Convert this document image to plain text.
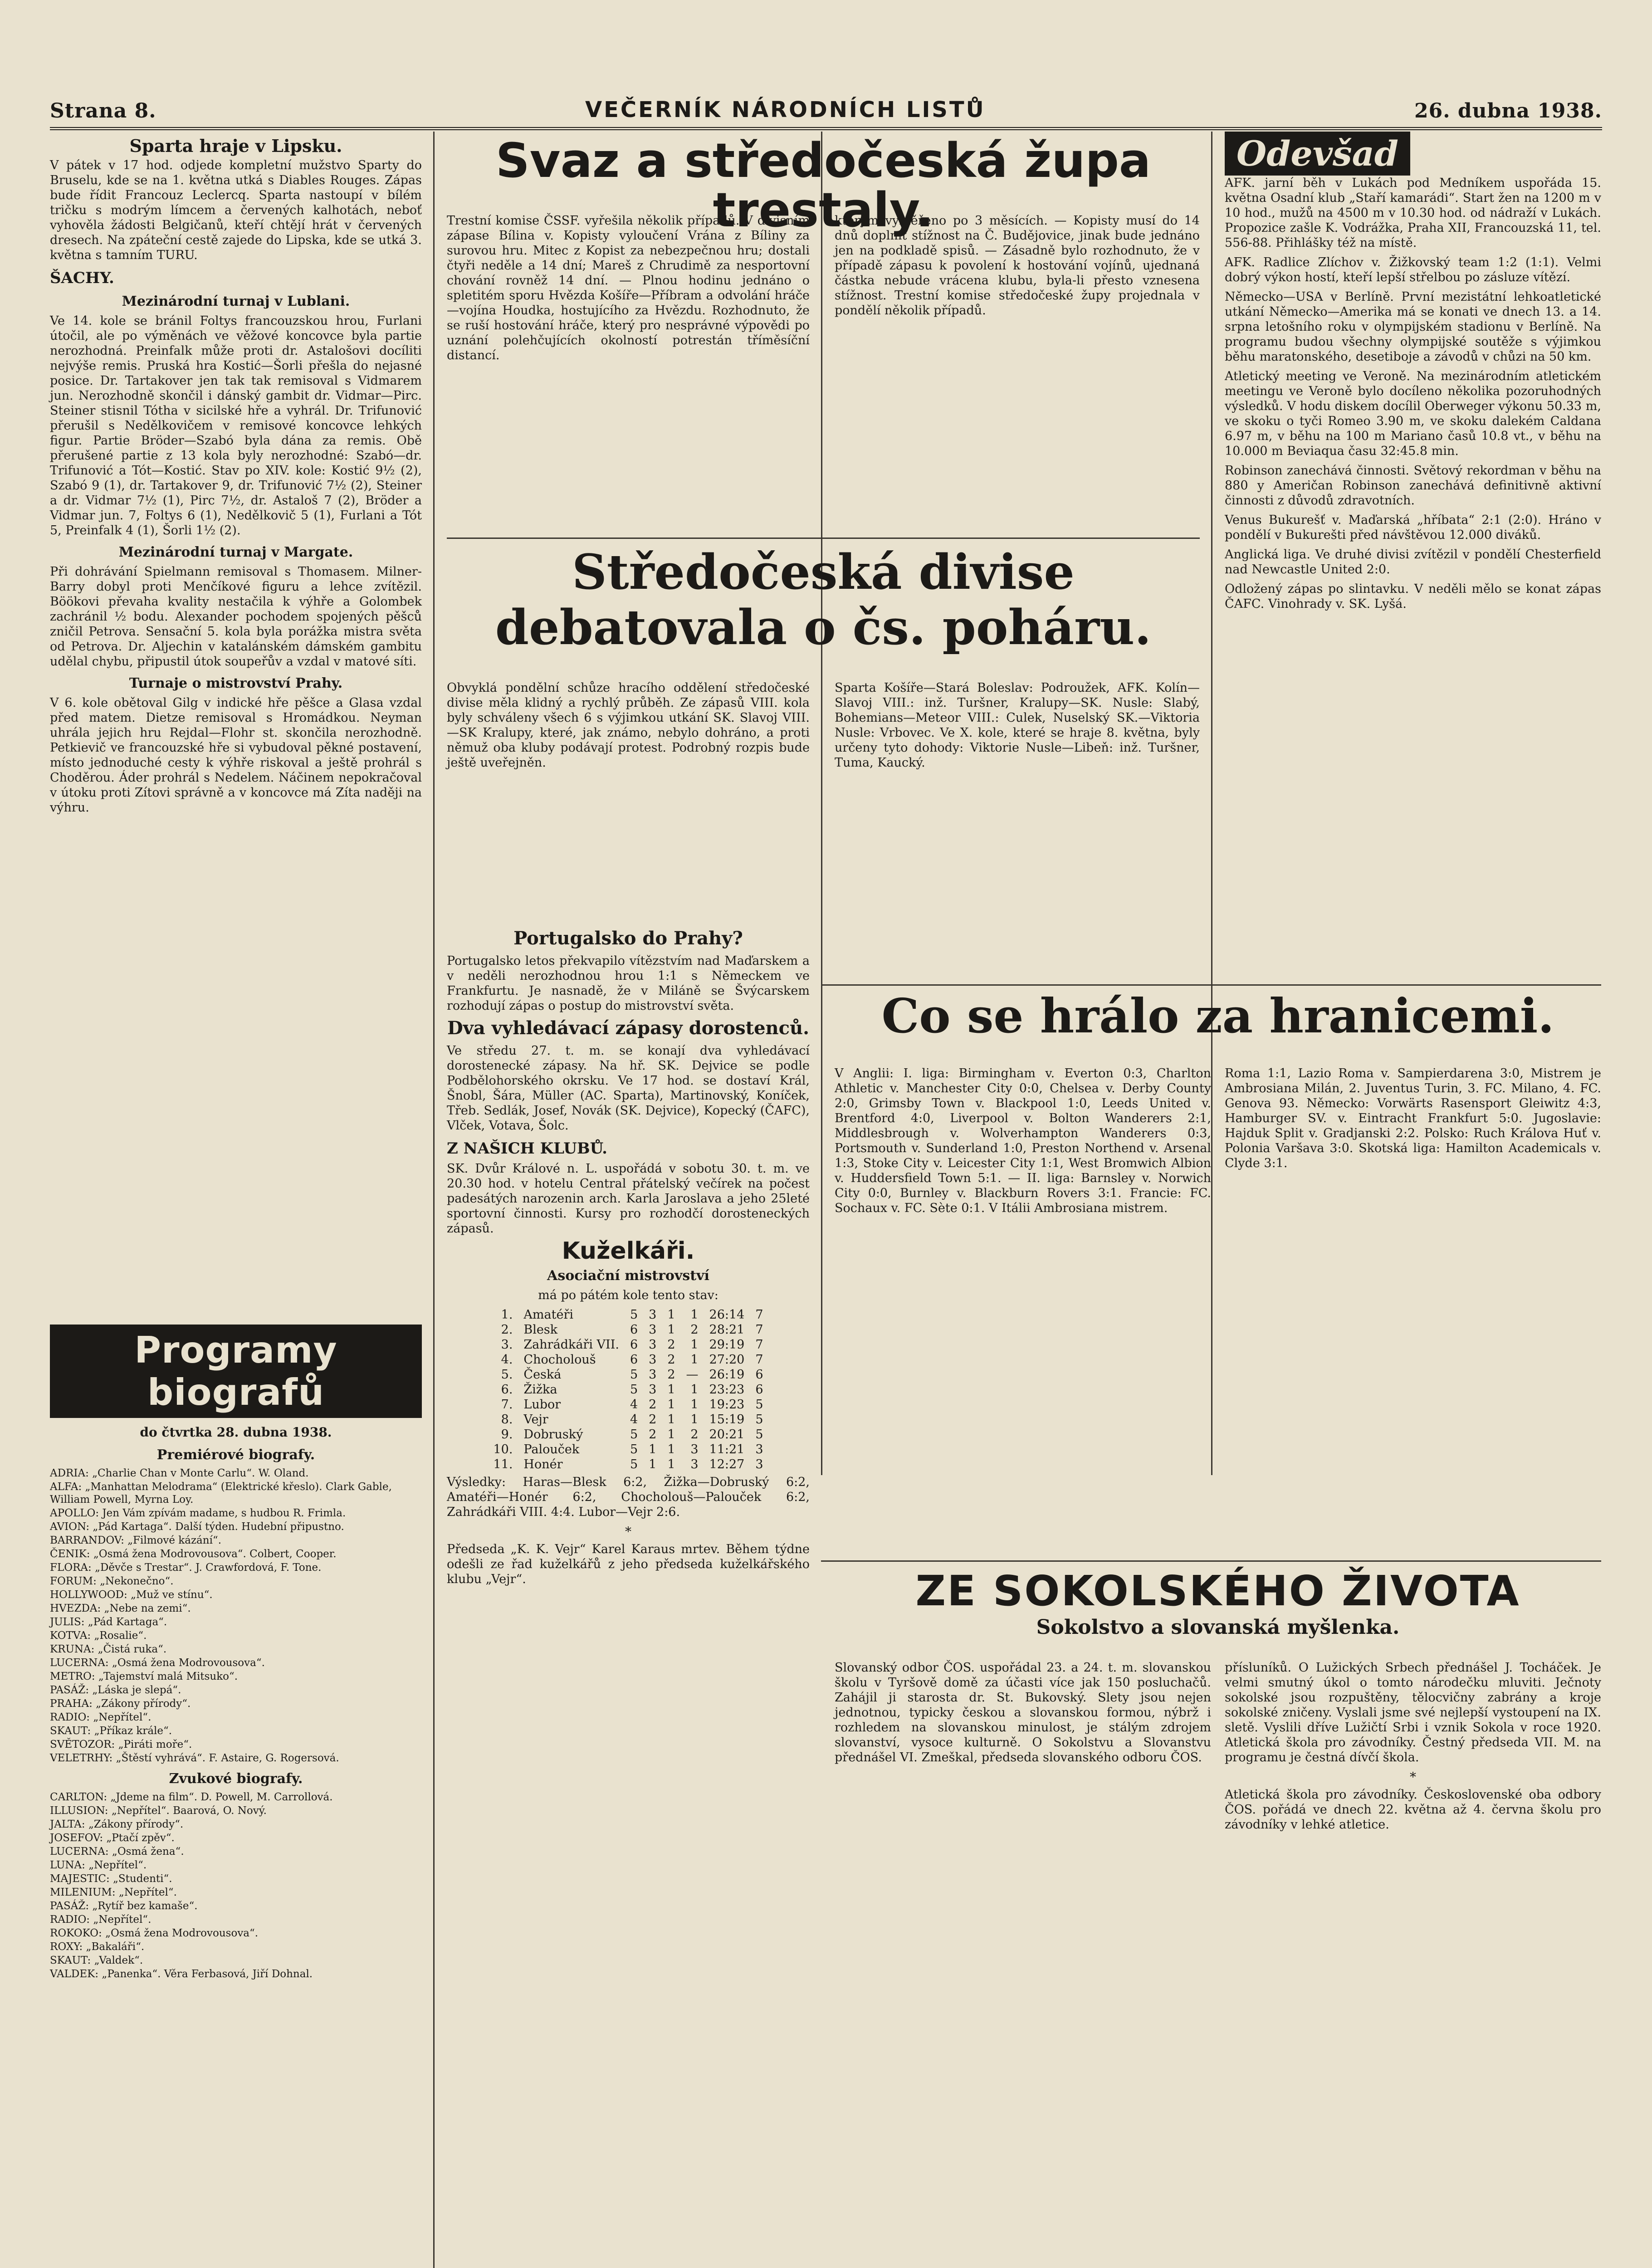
Strana 8.	VEČERNÍK NÁRODNÍCH LISTŮ	26. dubna 1938.
Sparta hraje v Lipsku.

V pátek v 17 hod. odjede kompletní mužstvo Sparty do Bruselu, kde se na 1. května utká s Diables Rouges. Zápas bude řídit Francouz Leclercq. Sparta nastoupí v bílém tričku s modrým límcem a červených kalhotách, neboť vyhověla žádosti Belgičanů, kteří chtějí hrát v červených dresech. Na zpáteční cestě zajede do Lipska, kde se utká 3. května s tamním TURU.

ŠACHY.
Mezinárodní turnaj v Lublani.

Ve 14. kole se bránil Foltys francouzskou hrou, Furlani útočil, ale po výměnách ve věžové koncovce byla partie nerozhodná. Preinfalk může proti dr. Astalošovi docíliti nejvýše remis. Pruská hra Kostić—Šorli přešla do nejasné posice. Dr. Tartakover jen tak tak remisoval s Vidmarem jun. Nerozhodně skončil i dánský gambit dr. Vidmar—Pirc. Steiner stisnil Tótha v sicilské hře a vyhrál. Dr. Trifunović přerušil s Nedělkovičem v remisové koncovce lehkých figur. Partie Bröder—Szabó byla dána za remis. Obě přerušené partie z 13 kola byly nerozhodné: Szabó—dr. Trifunović a Tót—Kostić. Stav po XIV. kole: Kostić 9½ (2), Szabó 9 (1), dr. Tartakover 9, dr. Trifunović 7½ (2), Steiner a dr. Vidmar 7½ (1), Pirc 7½, dr. Astaloš 7 (2), Bröder a Vidmar jun. 7, Foltys 6 (1), Nedělkovič 5 (1), Furlani a Tót 5, Preinfalk 4 (1), Šorli 1½ (2).

Mezinárodní turnaj v Margate.

Při dohrávání Spielmann remisoval s Thomasem. Milner-Barry dobyl proti Menčíkové figuru a lehce zvítězil. Böökovi převaha kvality nestačila k výhře a Golombek zachránil ½ bodu. Alexander pochodem spojených pěšců zničil Petrova. Sensační 5. kola byla porážka mistra světa od Petrova. Dr. Aljechin v katalánském dámském gambitu udělal chybu, připustil útok soupeřův a vzdal v matové síti.

Turnaje o mistrovství Prahy.

V 6. kole obětoval Gilg v indické hře pěšce a Glasa vzdal před matem. Dietze remisoval s Hromádkou. Neyman uhrála jejich hru Rejdal—Flohr st. skončila nerozhodně. Petkievič ve francouzské hře si vybudoval pěkné postavení, místo jednoduché cesty k výhře riskoval a ještě prohrál s Choděrou. Áder prohrál s Nedelem. Náčinem nepokračoval v útoku proti Zítovi správně a v koncovce má Zíta naději na výhru.

Programy biografů
do čtvrtka 28. dubna 1938.
Premiérové biografy.

ADRIA: „Charlie Chan v Monte Carlu“. W. Oland.

ALFA: „Manhattan Melodrama“ (Elektrické křeslo). Clark Gable, William Powell, Myrna Loy.

APOLLO: Jen Vám zpívám madame, s hudbou R. Frimla.

AVION: „Pád Kartaga“. Další týden. Hudební připustno.

BARRANDOV: „Filmové kázání“.

ČENIK: „Osmá žena Modrovousova“. Colbert, Cooper.

FLORA: „Děvče s Trestar“. J. Crawfordová, F. Tone.

FORUM: „Nekonečno“.

HOLLYWOOD: „Muž ve stínu“.

HVEZDA: „Nebe na zemi“.

JULIS: „Pád Kartaga“.

KOTVA: „Rosalie“.

KRUNA: „Čistá ruka“.

LUCERNA: „Osmá žena Modrovousova“.

METRO: „Tajemství malá Mitsuko“.

PASÁŽ: „Láska je slepá“.

PRAHA: „Zákony přírody“.

RADIO: „Nepřítel“.

SKAUT: „Příkaz krále“.

SVĚTOZOR: „Piráti moře“.

VELETRHY: „Štěstí vyhrává“. F. Astaire, G. Rogersová.

Zvukové biografy.

CARLTON: „Jdeme na film“. D. Powell, M. Carrollová.

ILLUSION: „Nepřítel“. Baarová, O. Nový.

JALTA: „Zákony přírody“.

JOSEFOV: „Ptačí zpěv“.

LUCERNA: „Osmá žena“.

LUNA: „Nepřítel“.

MAJESTIC: „Studenti“.

MILENIUM: „Nepřítel“.

PASÁŽ: „Rytíř bez kamaše“.

RADIO: „Nepřítel“.

ROKOKO: „Osmá žena Modrovousova“.

ROXY: „Bakaláři“.

SKAUT: „Valdek“.

VALDEK: „Panenka“. Věra Ferbasová, Jiří Dohnal.

Svaz a středočeská župa trestaly.

Trestní komise ČSSF. vyřešila několik případů. V divisním zápase Bílina v. Kopisty vyloučení Vrána z Bíliny za surovou hru. Mitec z Kopist za nebezpečnou hru; dostali čtyři neděle a 14 dní; Mareš z Chrudimě za nesportovní chování rovněž 14 dní. — Plnou hodinu jednáno o spletitém sporu Hvězda Košíře—Příbram a odvolání hráče—vojína Houdka, hostujícího za Hvězdu. Rozhodnuto, že se ruší hostování hráče, který pro nesprávné výpovědi po uznání polehčujících okolností potrestán tříměsíční distancí.

kterým vyměřeno po 3 měsících. — Kopisty musí do 14 dnů doplnit stížnost na Č. Budějovice, jinak bude jednáno jen na podkladě spisů. — Zásadně bylo rozhodnuto, že v případě zápasu k povolení k hostování vojínů, ujednaná částka nebude vrácena klubu, byla-li přesto vznesena stížnost. Trestní komise středočeské župy projednala v pondělí několik případů.

Středočeská divise debatovala o čs. poháru.

Obvyklá pondělní schůze hracího oddělení středočeské divise měla klidný a rychlý průběh. Ze zápasů VIII. kola byly schváleny všech 6 s výjimkou utkání SK. Slavoj VIII.—SK Kralupy, které, jak známo, nebylo dohráno, a proti němuž oba kluby podávají protest. Podrobný rozpis bude ještě uveřejněn.

Sparta Košíře—Stará Boleslav: Podroužek, AFK. Kolín—Slavoj VIII.: inž. Turšner, Kralupy—SK. Nusle: Slabý, Bohemians—Meteor VIII.: Culek, Nuselský SK.—Viktoria Nusle: Vrbovec. Ve X. kole, které se hraje 8. května, byly určeny tyto dohody: Viktorie Nusle—Libeň: inž. Turšner, Tuma, Kaucký.

Portugalsko do Prahy?

Portugalsko letos překvapilo vítězstvím nad Maďarskem a v neděli nerozhodnou hrou 1:1 s Německem ve Frankfurtu. Je nasnadě, že v Miláně se Švýcarskem rozhodují zápas o postup do mistrovství světa.

Dva vyhledávací zápasy dorostenců.

Ve středu 27. t. m. se konají dva vyhledávací dorostenecké zápasy. Na hř. SK. Dejvice se podle Podbělohorského okrsku. Ve 17 hod. se dostaví Král, Šnobl, Šára, Müller (AC. Sparta), Martinovský, Koníček, Třeb. Sedlák, Josef, Novák (SK. Dejvice), Kopecký (ČAFC), Vlček, Votava, Šolc.

Z NAŠICH KLUBŮ.

SK. Dvůr Králové n. L. uspořádá v sobotu 30. t. m. ve 20.30 hod. v hotelu Central přátelský večírek na počest padesátých narozenin arch. Karla Jaroslava a jeho 25leté sportovní činnosti. Kursy pro rozhodčí dorosteneckých zápasů.

Kuželkáři.
Asociační mistrovství

má po pátém kole tento stav:

1.	Amatéři	5	3	1	1	26:14	7
2.	Blesk	6	3	1	2	28:21	7
3.	Zahrádkáři VII.	6	3	2	1	29:19	7
4.	Chocholouš	6	3	2	1	27:20	7
5.	Česká	5	3	2	—	26:19	6
6.	Žižka	5	3	1	1	23:23	6
7.	Lubor	4	2	1	1	19:23	5
8.	Vejr	4	2	1	1	15:19	5
9.	Dobruský	5	2	1	2	20:21	5
10.	Palouček	5	1	1	3	11:21	3
11.	Honér	5	1	1	3	12:27	3

Výsledky: Haras—Blesk 6:2, Žižka—Dobruský 6:2, Amatéři—Honér 6:2, Chocholouš—Palouček 6:2, Zahrádkáři VIII. 4:4. Lubor—Vejr 2:6.

*

Předseda „K. K. Vejr“ Karel Karaus mrtev. Během týdne odešli ze řad kuželkářů z jeho předseda kuželkářského klubu „Vejr“.

Odevšad

AFK. jarní běh v Lukách pod Medníkem uspořáda 15. května Osadní klub „Staří kamarádi“. Start žen na 1200 m v 10 hod., mužů na 4500 m v 10.30 hod. od nádraží v Lukách. Propozice zašle K. Vodrážka, Praha XII, Francouzská 11, tel. 556-88. Přihlášky též na místě.

AFK. Radlice Zlíchov v. Žižkovský team 1:2 (1:1). Velmi dobrý výkon hostí, kteří lepší střelbou po zásluze vítězí.

Německo—USA v Berlíně. První mezistátní lehkoatletické utkání Německo—Amerika má se konati ve dnech 13. a 14. srpna letošního roku v olympijském stadionu v Berlíně. Na programu budou všechny olympijské soutěže s výjimkou běhu maratonského, desetiboje a závodů v chůzi na 50 km.

Atletický meeting ve Veroně. Na mezinárodním atletickém meetingu ve Veroně bylo docíleno několika pozoruhodných výsledků. V hodu diskem docílil Oberweger výkonu 50.33 m, ve skoku o tyči Romeo 3.90 m, ve skoku dalekém Caldana 6.97 m, v běhu na 100 m Mariano časů 10.8 vt., v běhu na 10.000 m Beviaqua času 32:45.8 min.

Robinson zanechává činnosti. Světový rekordman v běhu na 880 y Američan Robinson zanechává definitivně aktivní činnosti z důvodů zdravotních.

Venus Bukurešť v. Maďarská „hříbata“ 2:1 (2:0). Hráno v pondělí v Bukurešti před návštěvou 12.000 diváků.

Anglická liga. Ve druhé divisi zvítězil v pondělí Chesterfield nad Newcastle United 2:0.

Odložený zápas po slintavku. V neděli mělo se konat zápas ČAFC. Vinohrady v. SK. Lyšá.

Co se hrálo za hranicemi.

V Anglii: I. liga: Birmingham v. Everton 0:3, Charlton Athletic v. Manchester City 0:0, Chelsea v. Derby County 2:0, Grimsby Town v. Blackpool 1:0, Leeds United v. Brentford 4:0, Liverpool v. Bolton Wanderers 2:1, Middlesbrough v. Wolverhampton Wanderers 0:3, Portsmouth v. Sunderland 1:0, Preston Northend v. Arsenal 1:3, Stoke City v. Leicester City 1:1, West Bromwich Albion v. Huddersfield Town 5:1. — II. liga: Barnsley v. Norwich City 0:0, Burnley v. Blackburn Rovers 3:1. Francie: FC. Sochaux v. FC. Sète 0:1. V Itálii Ambrosiana mistrem.

Roma 1:1, Lazio Roma v. Sampierdarena 3:0, Mistrem je Ambrosiana Milán, 2. Juventus Turin, 3. FC. Milano, 4. FC. Genova 93. Německo: Vorwärts Rasensport Gleiwitz 4:3, Hamburger SV. v. Eintracht Frankfurt 5:0. Jugoslavie: Hajduk Split v. Gradjanski 2:2. Polsko: Ruch Králova Huť v. Polonia Varšava 3:0. Skotská liga: Hamilton Academicals v. Clyde 3:1.

ZE SOKOLSKÉHO ŽIVOTA
Sokolstvo a slovanská myšlenka.

Slovanský odbor ČOS. uspořádal 23. a 24. t. m. slovanskou školu v Tyršově domě za účasti více jak 150 posluchačů. Zahájil ji starosta dr. St. Bukovský. Slety jsou nejen jednotnou, typicky českou a slovanskou formou, nýbrž i rozhledem na slovanskou minulost, je stálým zdrojem slovanství, vysoce kulturně. O Sokolstvu a Slovanstvu přednášel VI. Zmeškal, předseda slovanského odboru ČOS.

přísluníků. O Lužických Srbech přednášel J. Tocháček. Je velmi smutný úkol o tomto národečku mluviti. Ječnoty sokolské jsou rozpuštěny, tělocvičny zabrány a kroje sokolské zničeny. Vyslali jsme své nejlepší vystoupení na IX. sletě. Vyslili dříve Lužičtí Srbi i vznik Sokola v roce 1920. Atletická škola pro závodníky. Čestný předseda VII. M. na programu je čestná dívčí škola.

*

Atletická škola pro závodníky. Československé oba odbory ČOS. pořádá ve dnech 22. května až 4. června školu pro závodníky v lehké atletice.
